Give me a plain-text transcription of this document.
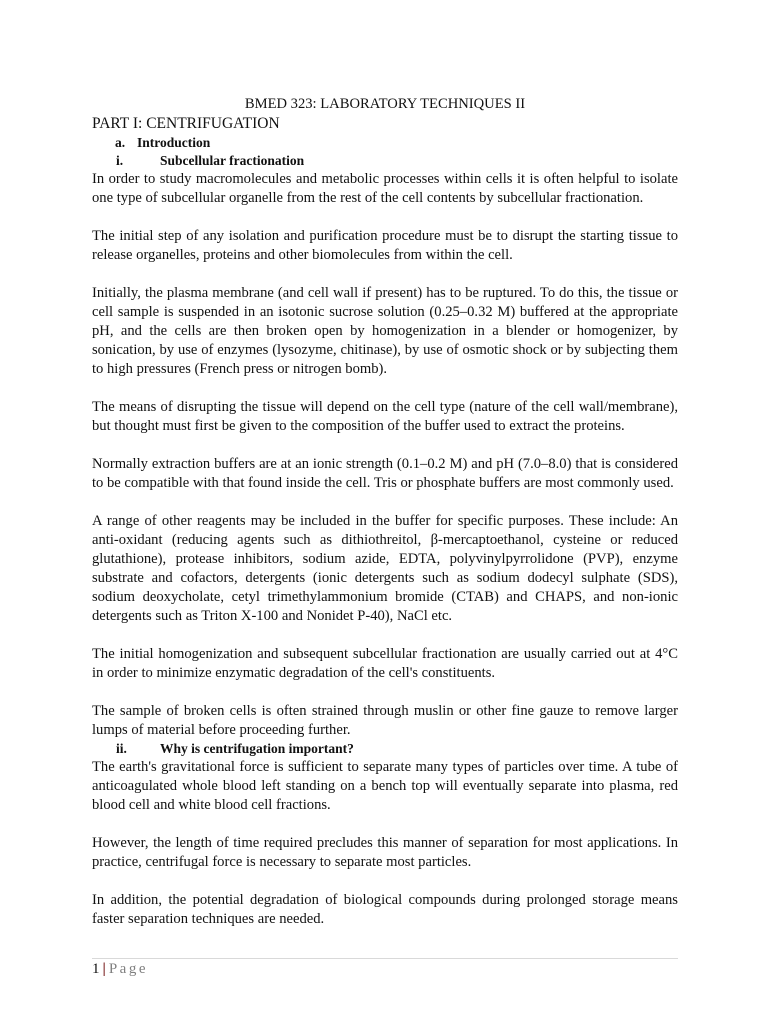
BMED 323: LABORATORY TECHNIQUES II

PART I: CENTRIFUGATION

a. Introduction
i.	Subcellular fractionation

In order to study macromolecules and metabolic processes within cells it is often helpful to isolate one type of subcellular organelle from the rest of the cell contents by subcellular fractionation.

The initial step of any isolation and purification procedure must be to disrupt the starting tissue to release organelles, proteins and other biomolecules from within the cell.

Initially, the plasma membrane (and cell wall if present) has to be ruptured. To do this, the tissue or cell sample is suspended in an isotonic sucrose solution (0.25–0.32 M) buffered at the appropriate pH, and the cells are then broken open by homogenization in a blender or homogenizer, by sonication, by use of enzymes (lysozyme, chitinase), by use of osmotic shock or by subjecting them to high pressures (French press or nitrogen bomb).

The means of disrupting the tissue will depend on the cell type (nature of the cell wall/membrane), but thought must first be given to the composition of the buffer used to extract the proteins.

Normally extraction buffers are at an ionic strength (0.1–0.2 M) and pH (7.0–8.0) that is considered to be compatible with that found inside the cell. Tris or phosphate buffers are most commonly used.

A range of other reagents may be included in the buffer for specific purposes. These include: An anti-oxidant (reducing agents such as dithiothreitol, β-mercaptoethanol, cysteine or reduced glutathione), protease inhibitors, sodium azide, EDTA, polyvinylpyrrolidone (PVP), enzyme substrate and cofactors, detergents (ionic detergents such as sodium dodecyl sulphate (SDS), sodium deoxycholate, cetyl trimethylammonium bromide (CTAB) and CHAPS, and non-ionic detergents such as Triton X-100 and Nonidet P-40), NaCl etc.

The initial homogenization and subsequent subcellular fractionation are usually carried out at 4°C in order to minimize enzymatic degradation of the cell's constituents.

The sample of broken cells is often strained through muslin or other fine gauze to remove larger lumps of material before proceeding further.

ii.	Why is centrifugation important?

The earth's gravitational force is sufficient to separate many types of particles over time. A tube of anticoagulated whole blood left standing on a bench top will eventually separate into plasma, red blood cell and white blood cell fractions.

However, the length of time required precludes this manner of separation for most applications. In practice, centrifugal force is necessary to separate most particles.

In addition, the potential degradation of biological compounds during prolonged storage means faster separation techniques are needed.

1 | Page
